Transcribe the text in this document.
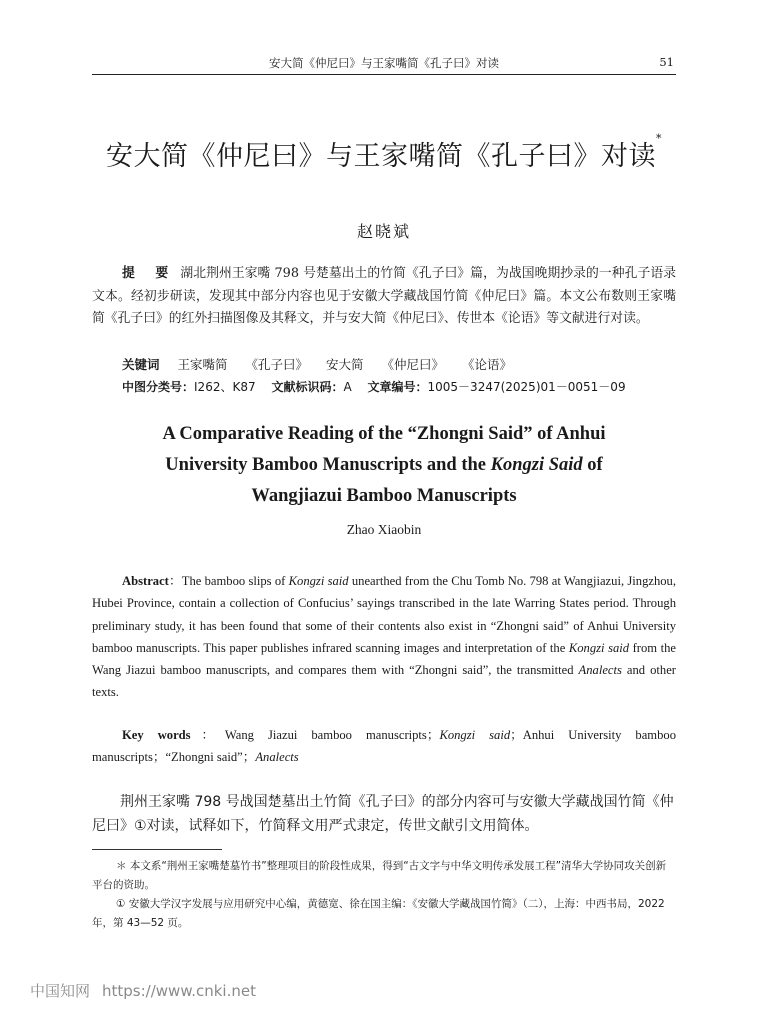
安大简《仲尼曰》与王家嘴简《孔子曰》对读	51
安大简《仲尼曰》与王家嘴简《孔子曰》对读*
赵晓斌
提 要 湖北荆州王家嘴 798 号楚墓出土的竹简《孔子曰》篇，为战国晚期抄录的一种孔子语录文本。经初步研读，发现其中部分内容也见于安徽大学藏战国竹简《仲尼曰》篇。本文公布数则王家嘴简《孔子曰》的红外扫描图像及其释文，并与安大简《仲尼曰》、传世本《论语》等文献进行对读。
关键词 王家嘴简 《孔子曰》 安大简 《仲尼曰》 《论语》
中图分类号：I262、K87 文献标识码：A 文章编号：1005－3247(2025)01－0051－09
A Comparative Reading of the “Zhongni Said” of Anhui
University Bamboo Manuscripts and the Kongzi Said of
Wangjiazui Bamboo Manuscripts
Zhao Xiaobin
Abstract：The bamboo slips of Kongzi said unearthed from the Chu Tomb No. 798 at Wangjiazui, Jingzhou, Hubei Province, contain a collection of Confucius’ sayings transcribed in the late Warring States period. Through preliminary study, it has been found that some of their contents also exist in “Zhongni said” of Anhui University bamboo manuscripts. This paper publishes infrared scanning images and interpretation of the Kongzi said from the Wang Jiazui bamboo manuscripts, and compares them with “Zhongni said”, the transmitted Analects and other texts.
Key words：Wang Jiazui bamboo manuscripts；Kongzi said；Anhui University bamboo manuscripts；“Zhongni said”；Analects
荆州王家嘴 798 号战国楚墓出土竹简《孔子曰》的部分内容可与安徽大学藏战国竹简《仲尼曰》①对读，试释如下，竹简释文用严式隶定，传世文献引文用简体。
＊ 本文系“荆州王家嘴楚墓竹书”整理项目的阶段性成果，得到“古文字与中华文明传承发展工程”清华大学协同攻关创新平台的资助。
① 安徽大学汉字发展与应用研究中心编，黄德宽、徐在国主编：《安徽大学藏战国竹简》（二），上海：中西书局，2022 年，第 43—52 页。
中国知网 https://www.cnki.net
